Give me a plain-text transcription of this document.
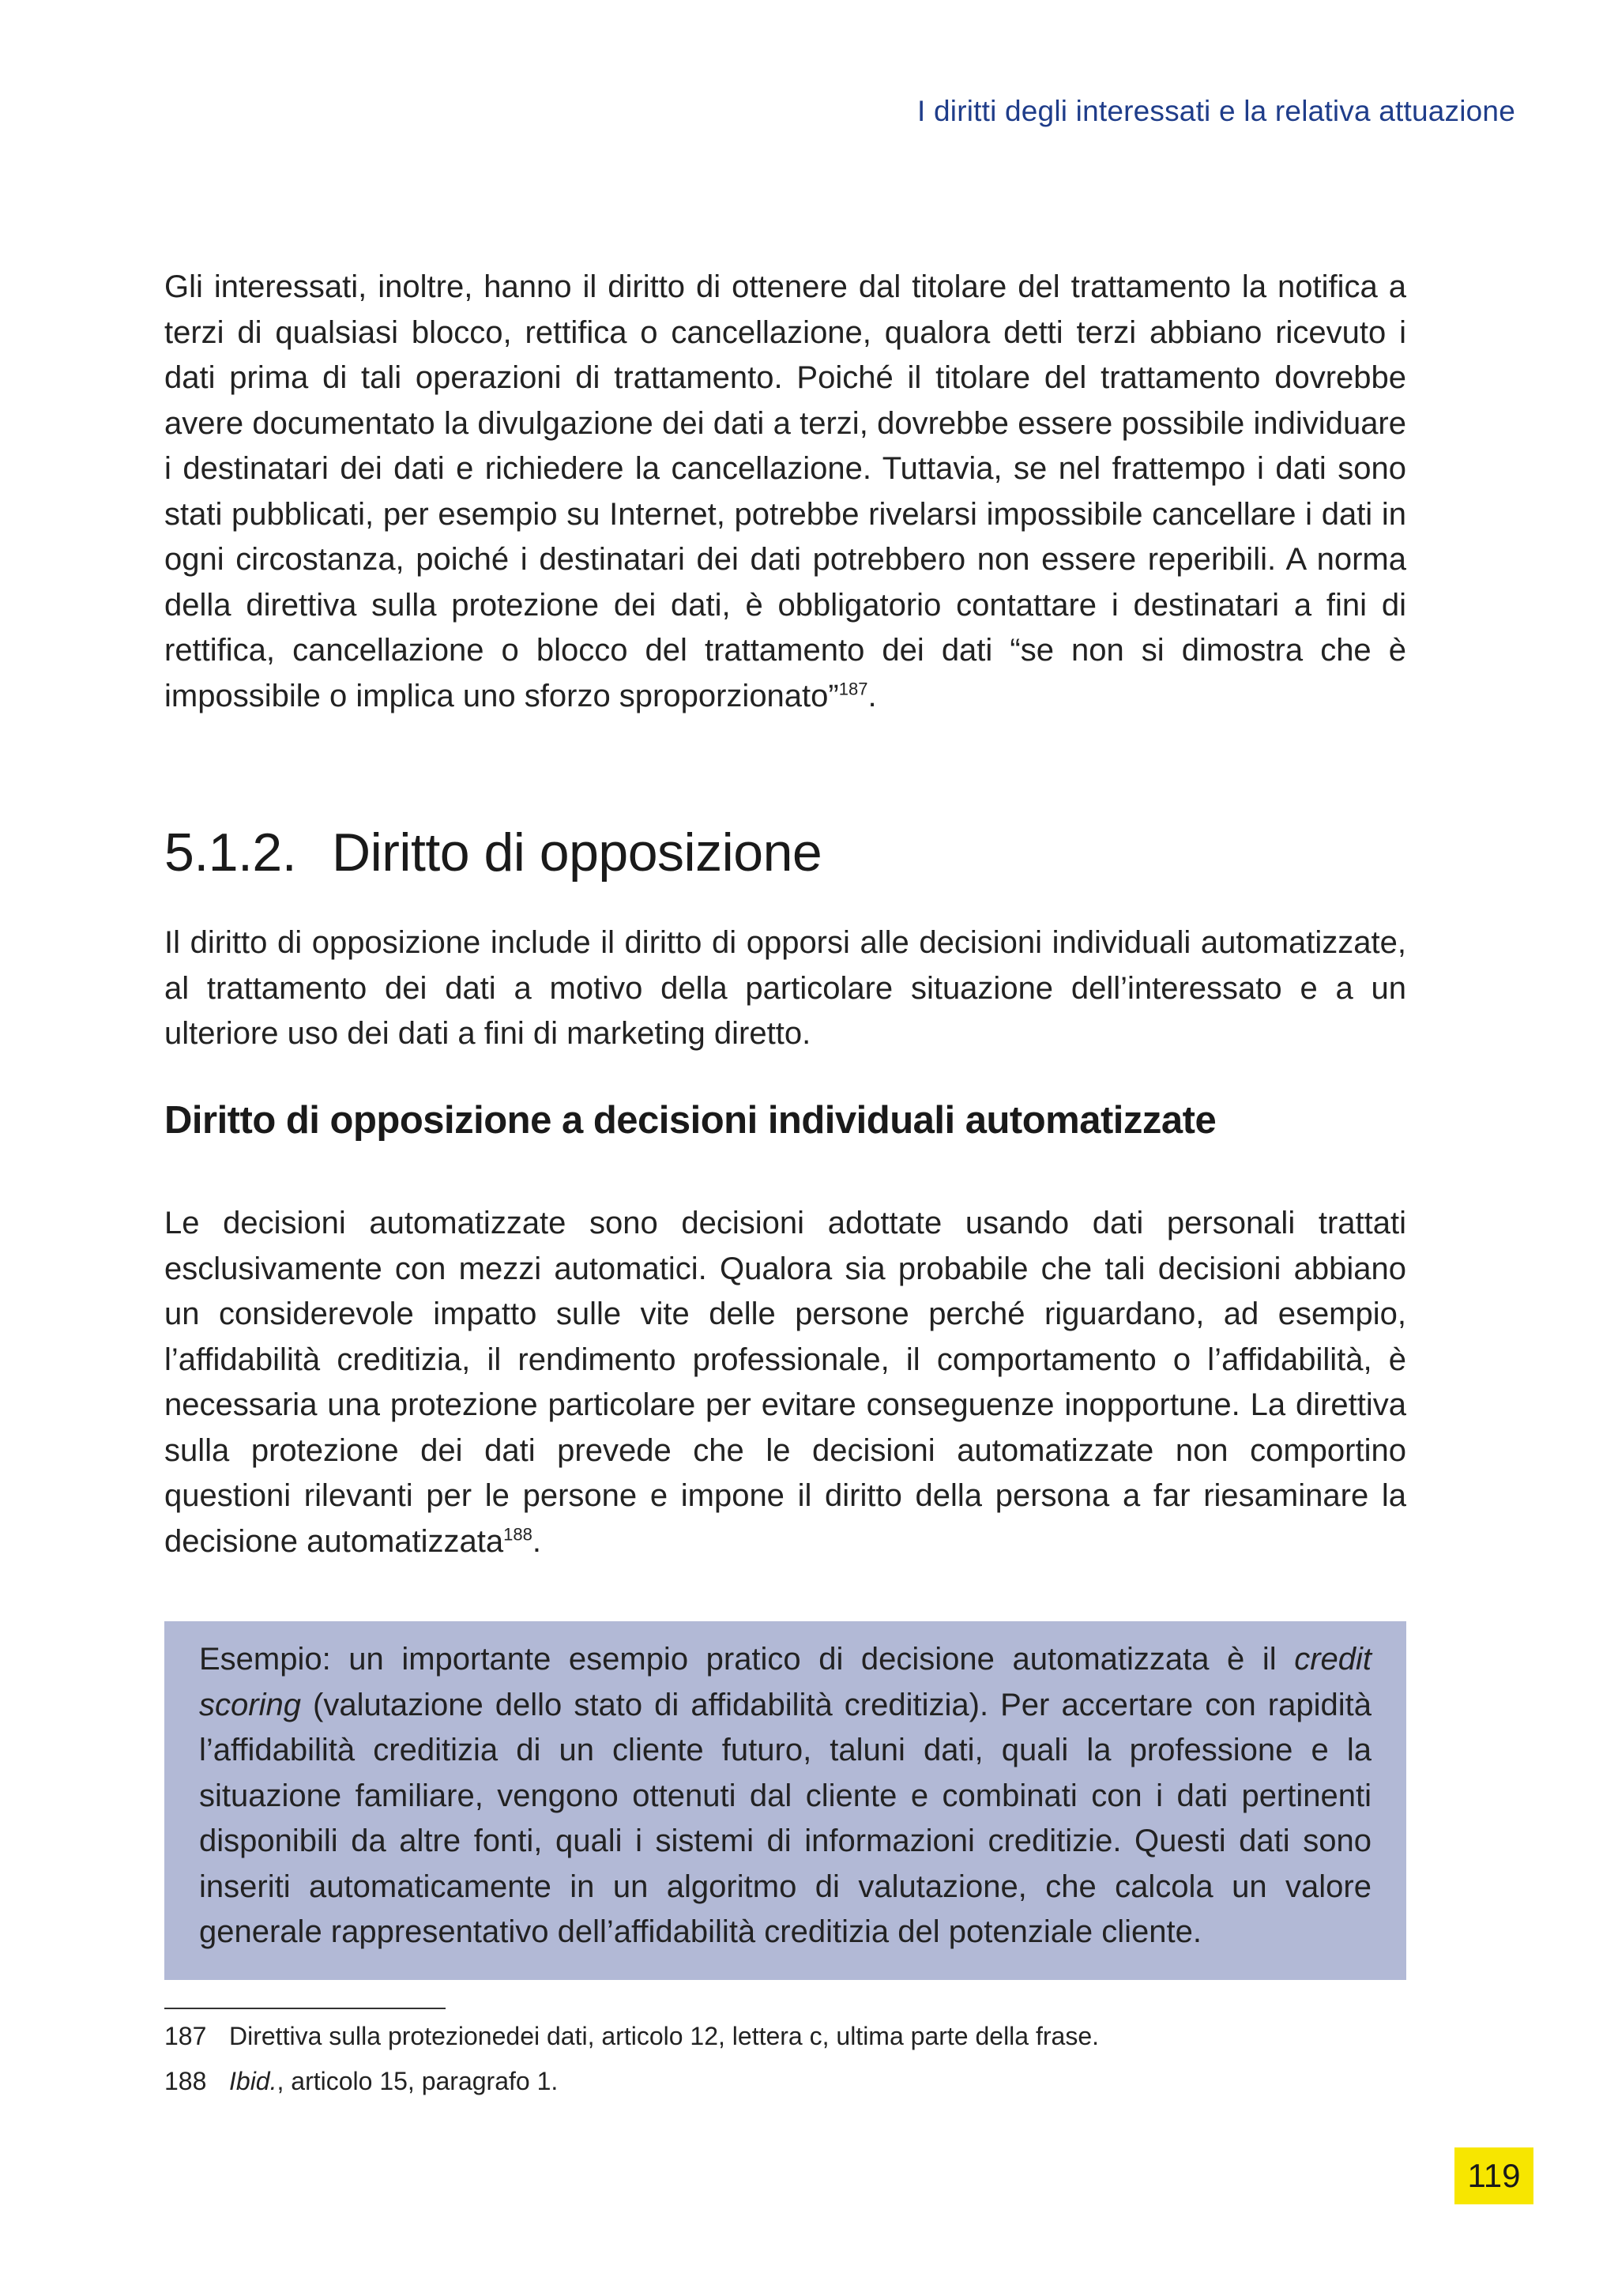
I diritti degli interessati e la relativa attuazione

Gli interessati, inoltre, hanno il diritto di ottenere dal titolare del trattamento la notifica a terzi di qualsiasi blocco, rettifica o cancellazione, qualora detti terzi abbiano ricevuto i dati prima di tali operazioni di trattamento. Poiché il titolare del trattamento dovrebbe avere documentato la divulgazione dei dati a terzi, dovrebbe essere possibile individuare i destinatari dei dati e richiedere la cancellazione. Tuttavia, se nel frattempo i dati sono stati pubblicati, per esempio su Internet, potrebbe rivelarsi impossibile cancellare i dati in ogni circostanza, poiché i destinatari dei dati potrebbero non essere reperibili. A norma della direttiva sulla protezione dei dati, è obbligatorio contattare i destinatari a fini di rettifica, cancellazione o blocco del trattamento dei dati “se non si dimostra che è impossibile o implica uno sforzo sproporzionato”$^{187}$.

5.1.2. Diritto di opposizione

Il diritto di opposizione include il diritto di opporsi alle decisioni individuali automatizzate, al trattamento dei dati a motivo della particolare situazione dell’interessato e a un ulteriore uso dei dati a fini di marketing diretto.

Diritto di opposizione a decisioni individuali automatizzate

Le decisioni automatizzate sono decisioni adottate usando dati personali trattati esclusivamente con mezzi automatici. Qualora sia probabile che tali decisioni abbiano un considerevole impatto sulle vite delle persone perché riguardano, ad esempio, l’affidabilità creditizia, il rendimento professionale, il comportamento o l’affidabilità, è necessaria una protezione particolare per evitare conseguenze inopportune. La direttiva sulla protezione dei dati prevede che le decisioni automatizzate non comportino questioni rilevanti per le persone e impone il diritto della persona a far riesaminare la decisione automatizzata$^{188}$.

Esempio: un importante esempio pratico di decisione automatizzata è il credit scoring (valutazione dello stato di affidabilità creditizia). Per accertare con rapidità l’affidabilità creditizia di un cliente futuro, taluni dati, quali la professione e la situazione familiare, vengono ottenuti dal cliente e combinati con i dati pertinenti disponibili da altre fonti, quali i sistemi di informazioni creditizie. Questi dati sono inseriti automaticamente in un algoritmo di valutazione, che calcola un valore generale rappresentativo dell’affidabilità creditizia del potenziale cliente.

187 Direttiva sulla protezionedei dati, articolo 12, lettera c, ultima parte della frase.
188 Ibid., articolo 15, paragrafo 1.
119
